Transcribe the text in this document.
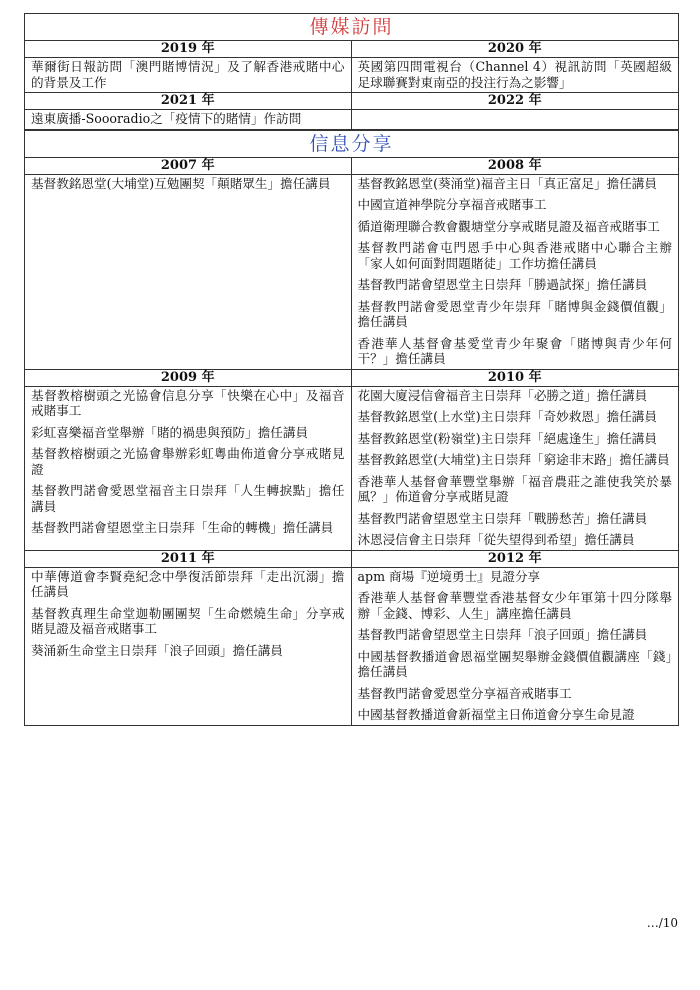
傳媒訪問
2019 年
華爾街日報訪問「澳門賭博情況」及了解香港戒賭中心的背景及工作
2020 年
英國第四問電視台（Channel 4）視訊訪問「英國超級足球聯賽對東南亞的投注行為之影響」
2021 年
遠東廣播-Soooradio之「疫情下的賭情」作訪問
2022 年
信息分享
2007 年
基督教銘恩堂(大埔堂)互勉團契「顛賭眾生」擔任講員
2008 年
基督教銘恩堂(葵涌堂)福音主日「真正富足」擔任講員
中國宣道神學院分享福音戒賭事工
循道衛理聯合教會觀塘堂分享戒賭見證及福音戒賭事工
基督教門諾會屯門恩手中心與香港戒賭中心聯合主辦「家人如何面對問題賭徒」工作坊擔任講員
基督教門諾會望恩堂主日崇拜「勝過試探」擔任講員
基督教門諾會愛恩堂青少年崇拜「賭博與金錢價值觀」擔任講員
香港華人基督會基愛堂青少年聚會「賭博與青少年何干？」擔任講員
2009 年
基督教榕樹頭之光協會信息分享「快樂在心中」及福音戒賭事工
彩虹喜樂福音堂舉辦「賭的禍患與預防」擔任講員
基督教榕樹頭之光協會舉辦彩虹粵曲佈道會分享戒賭見證
基督教門諾會愛恩堂福音主日崇拜「人生轉捩點」擔任講員
基督教門諾會望恩堂主日崇拜「生命的轉機」擔任講員
2010 年
花園大廈浸信會福音主日崇拜「必勝之道」擔任講員
基督教銘恩堂(上水堂)主日崇拜「奇妙救恩」擔任講員
基督教銘恩堂(粉嶺堂)主日崇拜「絕處逢生」擔任講員
基督教銘恩堂(大埔堂)主日崇拜「窮途非末路」擔任講員
香港華人基督會華豐堂舉辦「福音農莊之誰使我笑於暴風？」佈道會分享戒賭見證
基督教門諾會望恩堂主日崇拜「戰勝愁苦」擔任講員
沐恩浸信會主日崇拜「從失望得到希望」擔任講員
2011 年
中華傳道會李賢堯紀念中學復活節崇拜「走出沉溺」擔任講員
基督教真理生命堂迦勒團團契「生命燃燒生命」分享戒賭見證及福音戒賭事工
葵涌新生命堂主日崇拜「浪子回頭」擔任講員
2012 年
apm 商場『逆境勇士』見證分享
香港華人基督會華豐堂香港基督女少年軍第十四分隊舉辦「金錢、博彩、人生」講座擔任講員
基督教門諾會望恩堂主日崇拜「浪子回頭」擔任講員
中國基督教播道會恩福堂團契舉辦金錢價值觀講座「錢」擔任講員
基督教門諾會愛恩堂分享福音戒賭事工
中國基督教播道會新福堂主日佈道會分享生命見證
…/10
